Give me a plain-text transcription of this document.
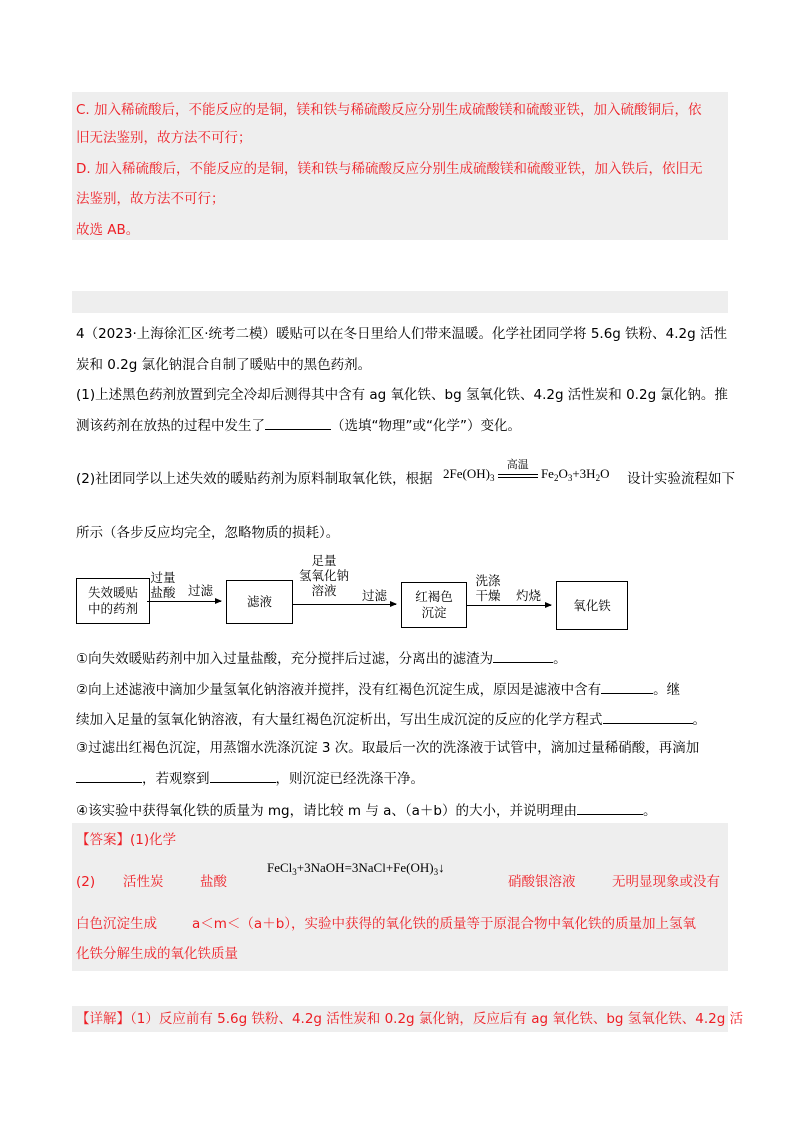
C. 加入稀硫酸后，不能反应的是铜，镁和铁与稀硫酸反应分别生成硫酸镁和硫酸亚铁，加入硫酸铜后，依
旧无法鉴别，故方法不可行；
D. 加入稀硫酸后，不能反应的是铜，镁和铁与稀硫酸反应分别生成硫酸镁和硫酸亚铁，加入铁后，依旧无
法鉴别，故方法不可行；
故选 AB。
4（2023·上海徐汇区·统考二模）暖贴可以在冬日里给人们带来温暖。化学社团同学将 5.6g 铁粉、4.2g 活性
炭和 0.2g 氯化钠混合自制了暖贴中的黑色药剂。
(1)上述黑色药剂放置到完全冷却后测得其中含有 ag 氧化铁、bg 氢氧化铁、4.2g 活性炭和 0.2g 氯化钠。推
测该药剂在放热的过程中发生了	（选填“物理”或“化学”）变化。
(2)社团同学以上述失效的暖贴药剂为原料制取氧化铁，根据 $2Fe(OH)_3$
高温
$Fe_2O_3+3H_2O$ 设计实验流程如下
所示（各步反应均完全，忽略物质的损耗）。
失效暖贴中的药剂
过量盐酸	过滤
滤液
足量
氢氧化钠
溶液	过滤	红褐色沉淀
洗涤干燥 灼烧
氧化铁
①向失效暖贴药剂中加入过量盐酸，充分搅拌后过滤，分离出的滤渣为	。
②向上述滤液中滴加少量氢氧化钠溶液并搅拌，没有红褐色沉淀生成，原因是滤液中含有	。继
续加入足量的氢氧化钠溶液，有大量红褐色沉淀析出，写出生成沉淀的反应的化学方程式	。
③过滤出红褐色沉淀，用蒸馏水洗涤沉淀 3 次。取最后一次的洗涤液于试管中，滴加过量稀硝酸，再滴加
，若观察到	，则沉淀已经洗涤干净。
④该实验中获得氧化铁的质量为 mg，请比较 m 与 a、（a＋b）的大小，并说明理由	。
【答案】(1)化学
(2) 活性炭	盐酸
$FeCl_3+3NaOH=3NaCl+Fe(OH)_3↓$
硝酸银溶液	无明显现象或没有
白色沉淀生成	a＜m＜（a＋b），实验中获得的氧化铁的质量等于原混合物中氧化铁的质量加上氢氧
化铁分解生成的氧化铁质量
【详解】（1）反应前有 5.6g 铁粉、4.2g 活性炭和 0.2g 氯化钠，反应后有 ag 氧化铁、bg 氢氧化铁、4.2g 活
